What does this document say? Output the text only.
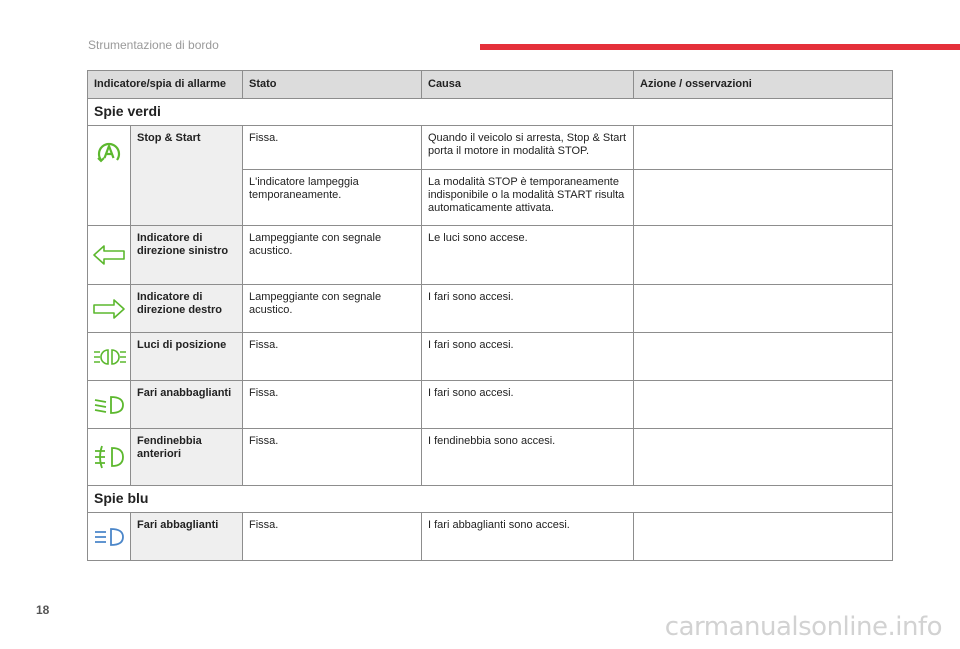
Strumentazione di bordo
Indicatore/spia di allarme		Stato	Causa	Azione / osservazioni
Spie verdi				

	Stop & Start	Fissa.	Quando il veicolo si arresta, Stop & Start porta il motore in modalità STOP.	
		L'indicatore lampeggia temporaneamente.	La modalità STOP è temporaneamente indisponibile o la modalità START risulta automaticamente attivata.	

	Indicatore di direzione sinistro	Lampeggiante con segnale acustico.	Le luci sono accese.	

	Indicatore di direzione destro	Lampeggiante con segnale acustico.	I fari sono accesi.	

	Luci di posizione	Fissa.	I fari sono accesi.	

	Fari anabbaglianti	Fissa.	I fari sono accesi.	

	Fendinebbia anteriori	Fissa.	I fendinebbia sono accesi.	
Spie blu				

	Fari abbaglianti	Fissa.	I fari abbaglianti sono accesi.	
18
carmanualsonline.info
